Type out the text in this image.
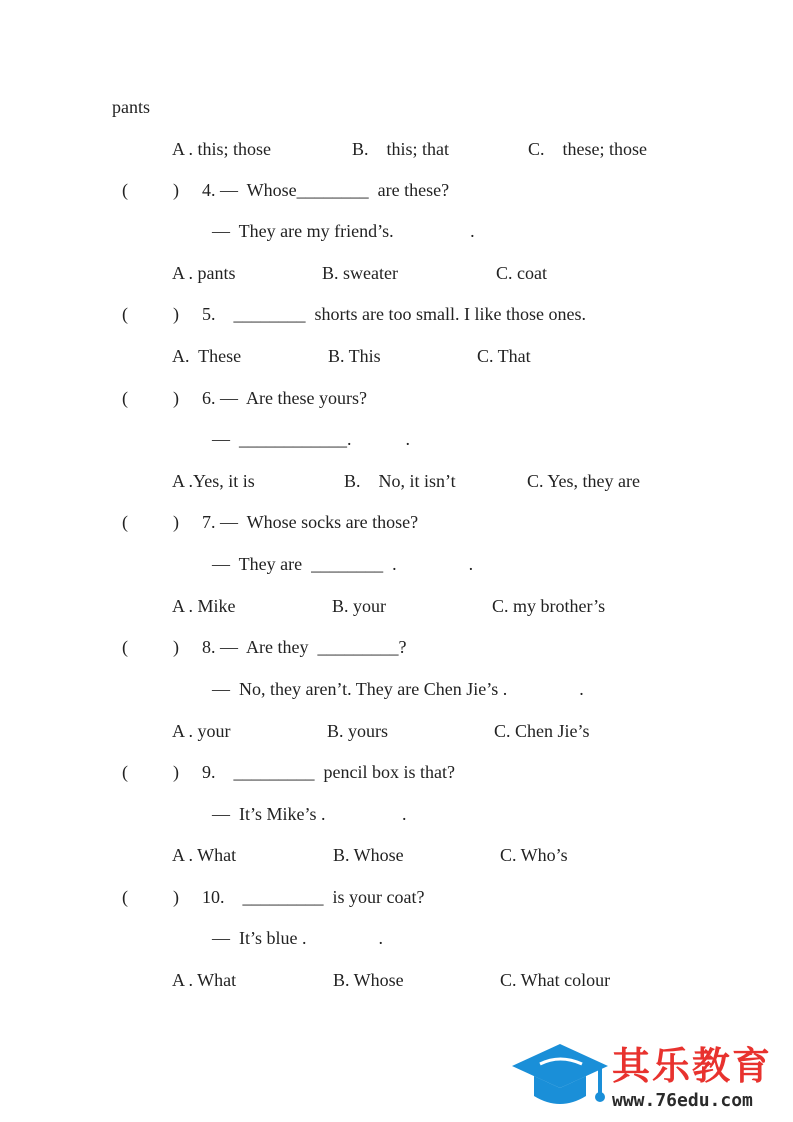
pants
A . this; those	B.    this; that	C.    these; those
(          ) 4. —  Whose________  are these?
—  They are my friend’s.                 .
A . pants	B. sweater	C. coat
(          ) 5.    ________  shorts are too small. I like those ones.
A.  These	B. This	C. That
(          ) 6. —  Are these yours?
—  ____________.            .
A .Yes, it is	B.    No, it isn’t	C. Yes, they are
(          ) 7. —  Whose socks are those?
—  They are  ________  .                .
A . Mike	B. your	C. my brother’s
(          ) 8. —  Are they  _________?
—  No, they aren’t. They are Chen Jie’s .                .
A . your	B. yours	C. Chen Jie’s
(          ) 9.    _________  pencil box is that?
—  It’s Mike’s .                 .
A . What	B. Whose	C. Who’s
(          ) 10.    _________  is your coat?
—  It’s blue .                .
A . What	B. Whose	C. What colour
其乐教育
www.76edu.com
